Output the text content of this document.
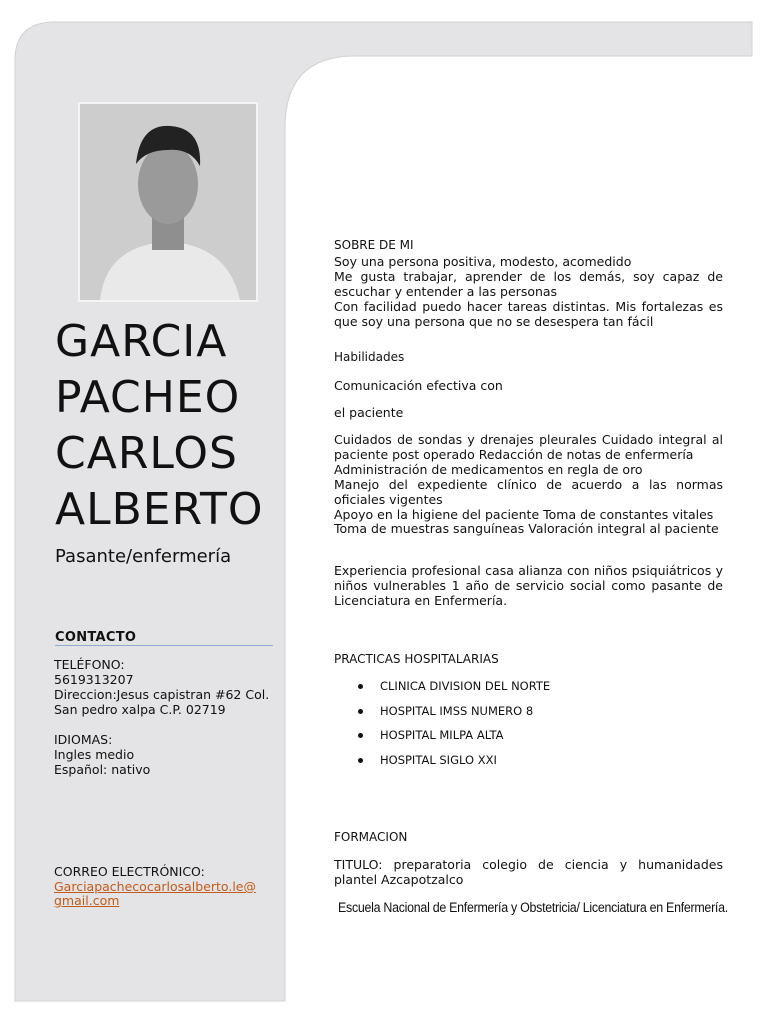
GARCIA
PACHEO
CARLOS
ALBERTO
Pasante/enfermería
CONTACTO
TELÉFONO:
5619313207
Direccion:Jesus capistran #62 Col.
San pedro xalpa C.P. 02719
IDIOMAS:
Ingles medio
Español: nativo
CORREO ELECTRÓNICO:
Garciapachecocarlosalberto.le@
gmail.com
SOBRE DE MI
Soy una persona positiva, modesto, acomedido
Me gusta trabajar, aprender de los demás, soy capaz de escuchar y entender a las personas
Con facilidad puedo hacer tareas distintas. Mis fortalezas es que soy una persona que no se desespera tan fácil
Habilidades
Comunicación efectiva con
el paciente
Cuidados de sondas y drenajes pleurales Cuidado integral al paciente post operado Redacción de notas de enfermería
Administración de medicamentos en regla de oro
Manejo del expediente clínico de acuerdo a las normas oficiales vigentes
Apoyo en la higiene del paciente Toma de constantes vitales
Toma de muestras sanguíneas Valoración integral al paciente
Experiencia profesional casa alianza con niños psiquiátricos y niños vulnerables 1 año de servicio social como pasante de Licenciatura en Enfermería.
PRACTICAS HOSPITALARIAS
CLINICA DIVISION DEL NORTE
HOSPITAL IMSS NUMERO 8
HOSPITAL MILPA ALTA
HOSPITAL SIGLO XXI
FORMACION
TITULO: preparatoria colegio de ciencia y humanidades plantel Azcapotzalco
Escuela Nacional de Enfermería y Obstetricia/ Licenciatura en Enfermería.
